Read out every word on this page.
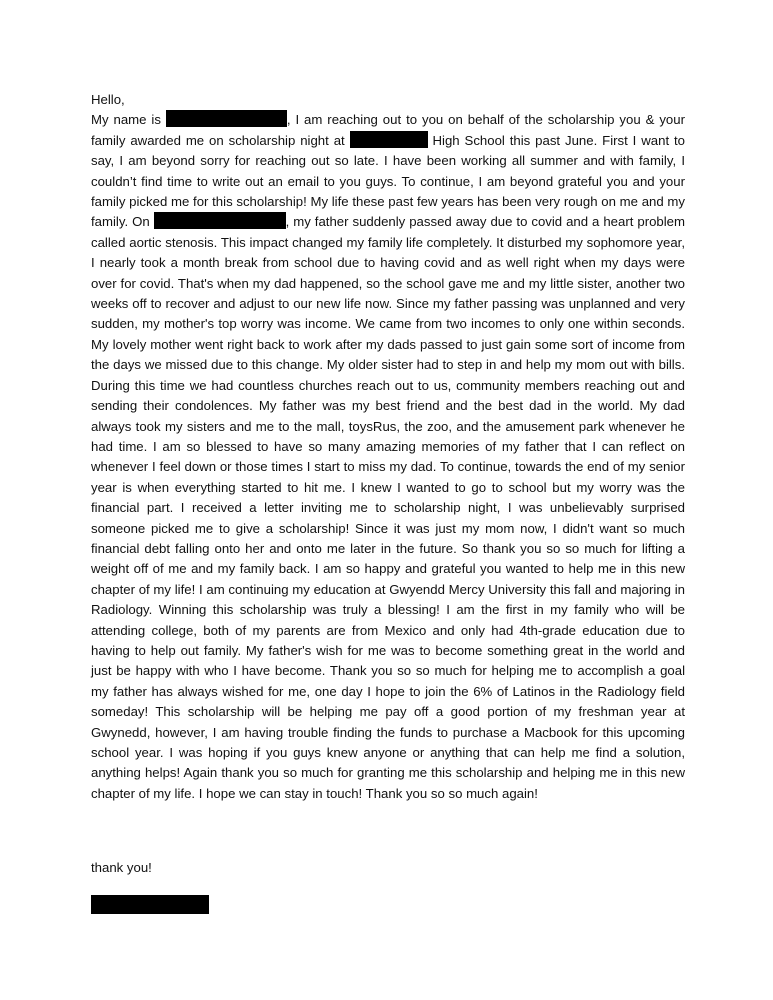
Hello,

My name is	, I am reaching out to you on behalf of the scholarship you & your family awarded me on scholarship night at	High School this past June. First I want to say, I am beyond sorry for reaching out so late. I have been working all summer and with family, I couldn’t find time to write out an email to you guys. To continue, I am beyond grateful you and your family picked me for this scholarship! My life these past few years has been very rough on me and my family. On	, my father suddenly passed away due to covid and a heart problem called aortic stenosis. This impact changed my family life completely. It disturbed my sophomore year, I nearly took a month break from school due to having covid and as well right when my days were over for covid. That's when my dad happened, so the school gave me and my little sister, another two weeks off to recover and adjust to our new life now. Since my father passing was unplanned and very sudden, my mother's top worry was income. We came from two incomes to only one within seconds. My lovely mother went right back to work after my dads passed to just gain some sort of income from the days we missed due to this change. My older sister had to step in and help my mom out with bills. During this time we had countless churches reach out to us, community members reaching out and sending their condolences. My father was my best friend and the best dad in the world. My dad always took my sisters and me to the mall, toysRus, the zoo, and the amusement park whenever he had time. I am so blessed to have so many amazing memories of my father that I can reflect on whenever I feel down or those times I start to miss my dad. To continue, towards the end of my senior year is when everything started to hit me. I knew I wanted to go to school but my worry was the financial part. I received a letter inviting me to scholarship night, I was unbelievably surprised someone picked me to give a scholarship! Since it was just my mom now, I didn't want so much financial debt falling onto her and onto me later in the future. So thank you so so much for lifting a weight off of me and my family back. I am so happy and grateful you wanted to help me in this new chapter of my life! I am continuing my education at Gwyendd Mercy University this fall and majoring in Radiology. Winning this scholarship was truly a blessing! I am the first in my family who will be attending college, both of my parents are from Mexico and only had 4th-grade education due to having to help out family. My father's wish for me was to become something great in the world and just be happy with who I have become. Thank you so so much for helping me to accomplish a goal my father has always wished for me, one day I hope to join the 6% of Latinos in the Radiology field someday! This scholarship will be helping me pay off a good portion of my freshman year at Gwynedd, however, I am having trouble finding the funds to purchase a Macbook for this upcoming school year. I was hoping if you guys knew anyone or anything that can help me find a solution, anything helps! Again thank you so much for granting me this scholarship and helping me in this new chapter of my life. I hope we can stay in touch! Thank you so so much again!

thank you!
